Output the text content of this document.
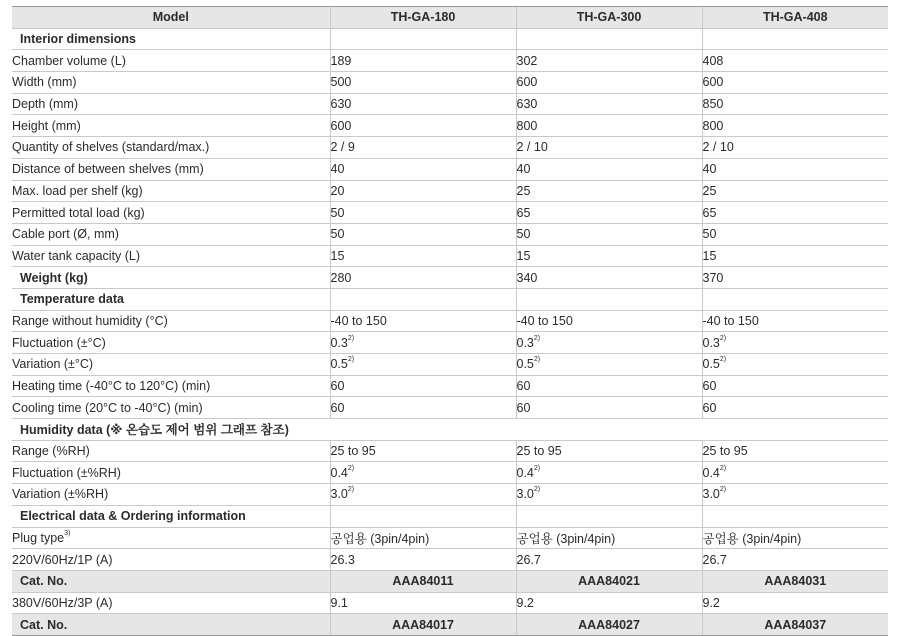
Model	TH-GA-180	TH-GA-300	TH-GA-408
Interior dimensions			
Chamber volume (L)	189	302	408
Width (mm)	500	600	600
Depth (mm)	630	630	850
Height (mm)	600	800	800
Quantity of shelves (standard/max.)	2 / 9	2 / 10	2 / 10
Distance of between shelves (mm)	40	40	40
Max. load per shelf (kg)	20	25	25
Permitted total load (kg)	50	65	65
Cable port (Ø, mm)	50	50	50
Water tank capacity (L)	15	15	15
Weight (kg)	280	340	370
Temperature data			
Range without humidity (°C)	-40 to 150	-40 to 150	-40 to 150
Fluctuation (±°C)	0.3$^{2)}$	0.3$^{2)}$	0.3$^{2)}$
Variation (±°C)	0.5$^{2)}$	0.5$^{2)}$	0.5$^{2)}$
Heating time (-40°C to 120°C) (min)	60	60	60
Cooling time (20°C to -40°C) (min)	60	60	60
Humidity data (※ 온습도 제어 범위 그래프 참조)			
Range (%RH)	25 to 95	25 to 95	25 to 95
Fluctuation (±%RH)	0.4$^{2)}$	0.4$^{2)}$	0.4$^{2)}$
Variation (±%RH)	3.0$^{2)}$	3.0$^{2)}$	3.0$^{2)}$
Electrical data & Ordering information			
Plug type$^{3)}$	공업용 (3pin/4pin)	공업용 (3pin/4pin)	공업용 (3pin/4pin)
220V/60Hz/1P (A)	26.3	26.7	26.7
Cat. No.	AAA84011	AAA84021	AAA84031
380V/60Hz/3P (A)	9.1	9.2	9.2
Cat. No.	AAA84017	AAA84027	AAA84037
